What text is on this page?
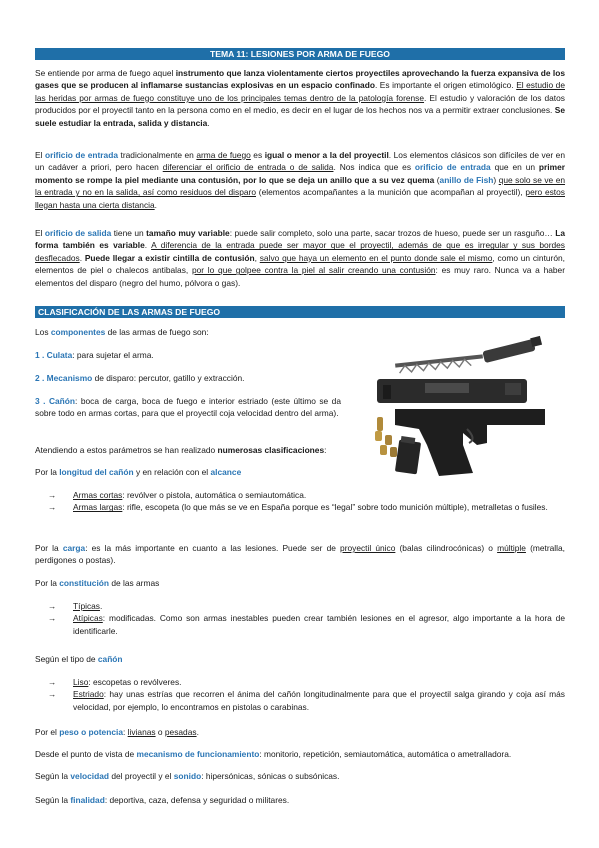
TEMA 11: LESIONES POR ARMA DE FUEGO

Se entiende por arma de fuego aquel instrumento que lanza violentamente ciertos proyectiles aprovechando la fuerza expansiva de los gases que se producen al inflamarse sustancias explosivas en un espacio confinado. Es importante el origen etimológico. El estudio de las heridas por armas de fuego constituye uno de los principales temas dentro de la patología forense. El estudio y valoración de los datos producidos por el proyectil tanto en la persona como en el medio, es decir en el lugar de los hechos nos va a permitir extraer conclusiones. Se suele estudiar la entrada, salida y distancia.

El orificio de entrada tradicionalmente en arma de fuego es igual o menor a la del proyectil. Los elementos clásicos son difíciles de ver en un cadáver a priori, pero hacen diferenciar el orificio de entrada o de salida. Nos indica que es orificio de entrada que en un primer momento se rompe la piel mediante una contusión, por lo que se deja un anillo que a su vez quema (anillo de Fish) que solo se ve en la entrada y no en la salida, así como residuos del disparo (elementos acompañantes a la munición que acompañan al proyectil), pero estos llegan hasta una cierta distancia.

El orificio de salida tiene un tamaño muy variable: puede salir completo, solo una parte, sacar trozos de hueso, puede ser un rasguño… La forma también es variable. A diferencia de la entrada puede ser mayor que el proyectil, además de que es irregular y sus bordes desflecados. Puede llegar a existir cintilla de contusión, salvo que haya un elemento en el punto donde sale el mismo, como un cinturón, elementos de piel o chalecos antibalas, por lo que golpee contra la piel al salir creando una contusión: es muy raro. Nunca va a haber elementos del disparo (negro del humo, pólvora o gas).

CLASIFICACIÓN DE LAS ARMAS DE FUEGO

Los componentes de las armas de fuego son:

1 . Culata: para sujetar el arma.

2 . Mecanismo de disparo: percutor, gatillo y extracción.

3 . Cañón: boca de carga, boca de fuego e interior estriado (este último se da sobre todo en armas cortas, para que el proyectil coja velocidad dentro del arma).

Atendiendo a estos parámetros se han realizado numerosas clasificaciones:

Por la longitud del cañón y en relación con el alcance

→ Armas cortas: revólver o pistola, automática o semiautomática.
→ Armas largas: rifle, escopeta (lo que más se ve en España porque es “legal” sobre todo munición múltiple), metralletas o fusiles.

Por la carga: es la más importante en cuanto a las lesiones. Puede ser de proyectil único (balas cilindrocónicas) o múltiple (metralla, perdigones o postas).

Por la constitución de las armas

→ Típicas.
→ Atípicas: modificadas. Como son armas inestables pueden crear también lesiones en el agresor, algo importante a la hora de identificarle.

Según el tipo de cañón

→ Liso: escopetas o revólveres.
→ Estriado: hay unas estrías que recorren el ánima del cañón longitudinalmente para que el proyectil salga girando y coja así más velocidad, por ejemplo, lo encontramos en pistolas o carabinas.

Por el peso o potencia: livianas o pesadas.

Desde el punto de vista de mecanismo de funcionamiento: monitorio, repetición, semiautomática, automática o ametralladora.

Según la velocidad del proyectil y el sonido: hipersónicas, sónicas o subsónicas.

Según la finalidad: deportiva, caza, defensa y seguridad o militares.
